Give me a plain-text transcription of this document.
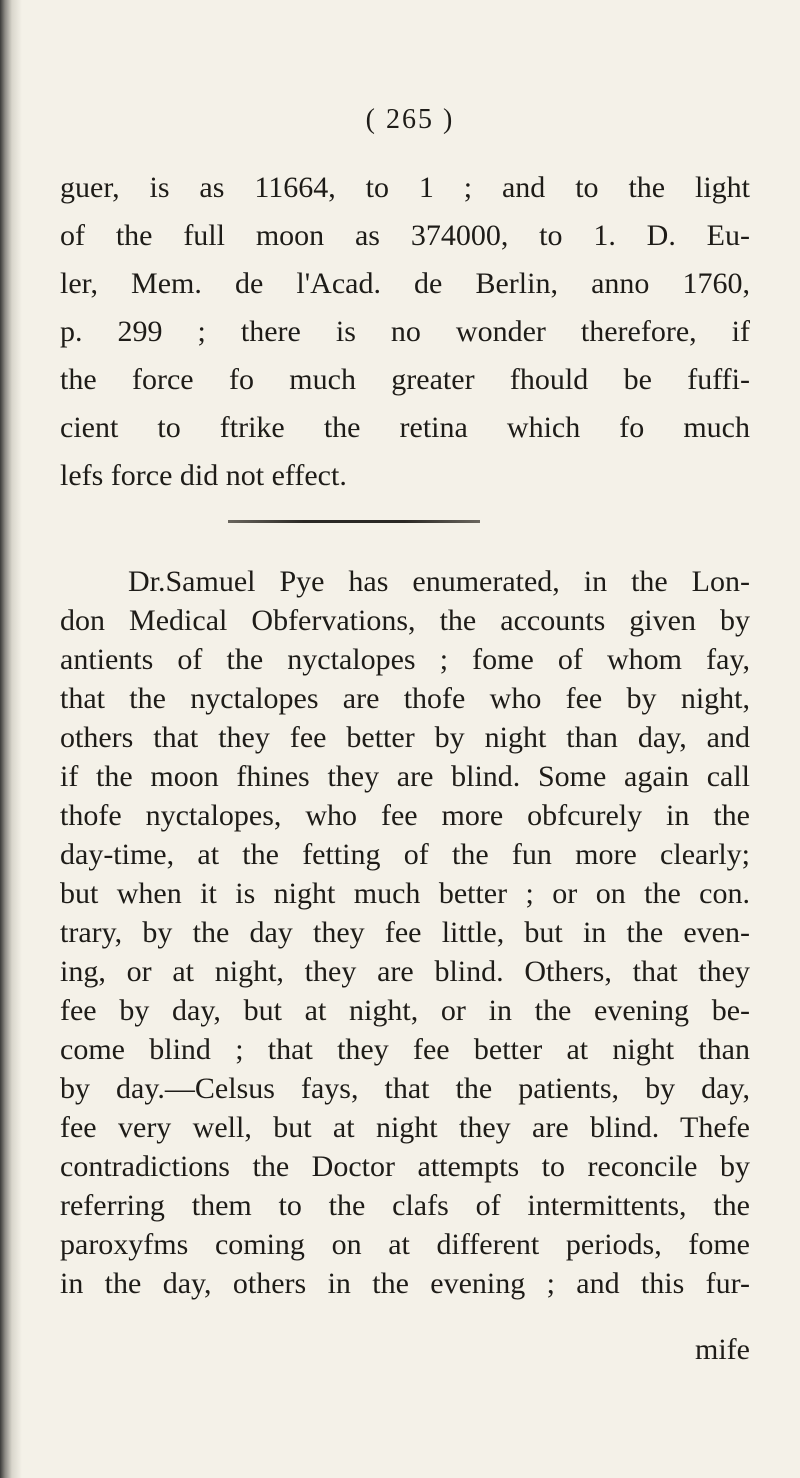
( 265 )
guer, is as 11664, to 1 ; and to the light
of the full moon as 374000, to 1. D. Eu-
ler, Mem. de l'Acad. de Berlin, anno 1760,
p. 299 ; there is no wonder therefore, if
the force fo much greater fhould be fuffi-
cient to ftrike the retina which fo much
lefs force did not effect.
Dr.Samuel Pye has enumerated, in the Lon-
don Medical Obfervations, the accounts given by
antients of the nyctalopes ; fome of whom fay,
that the nyctalopes are thofe who fee by night,
others that they fee better by night than day, and
if the moon fhines they are blind. Some again call
thofe nyctalopes, who fee more obfcurely in the
day-time, at the fetting of the fun more clearly;
but when it is night much better ; or on the con.
trary, by the day they fee little, but in the even-
ing, or at night, they are blind. Others, that they
fee by day, but at night, or in the evening be-
come blind ; that they fee better at night than
by day.—Celsus fays, that the patients, by day,
fee very well, but at night they are blind. Thefe
contradictions the Doctor attempts to reconcile by
referring them to the clafs of intermittents, the
paroxyfms coming on at different periods, fome
in the day, others in the evening ; and this fur-
mife
